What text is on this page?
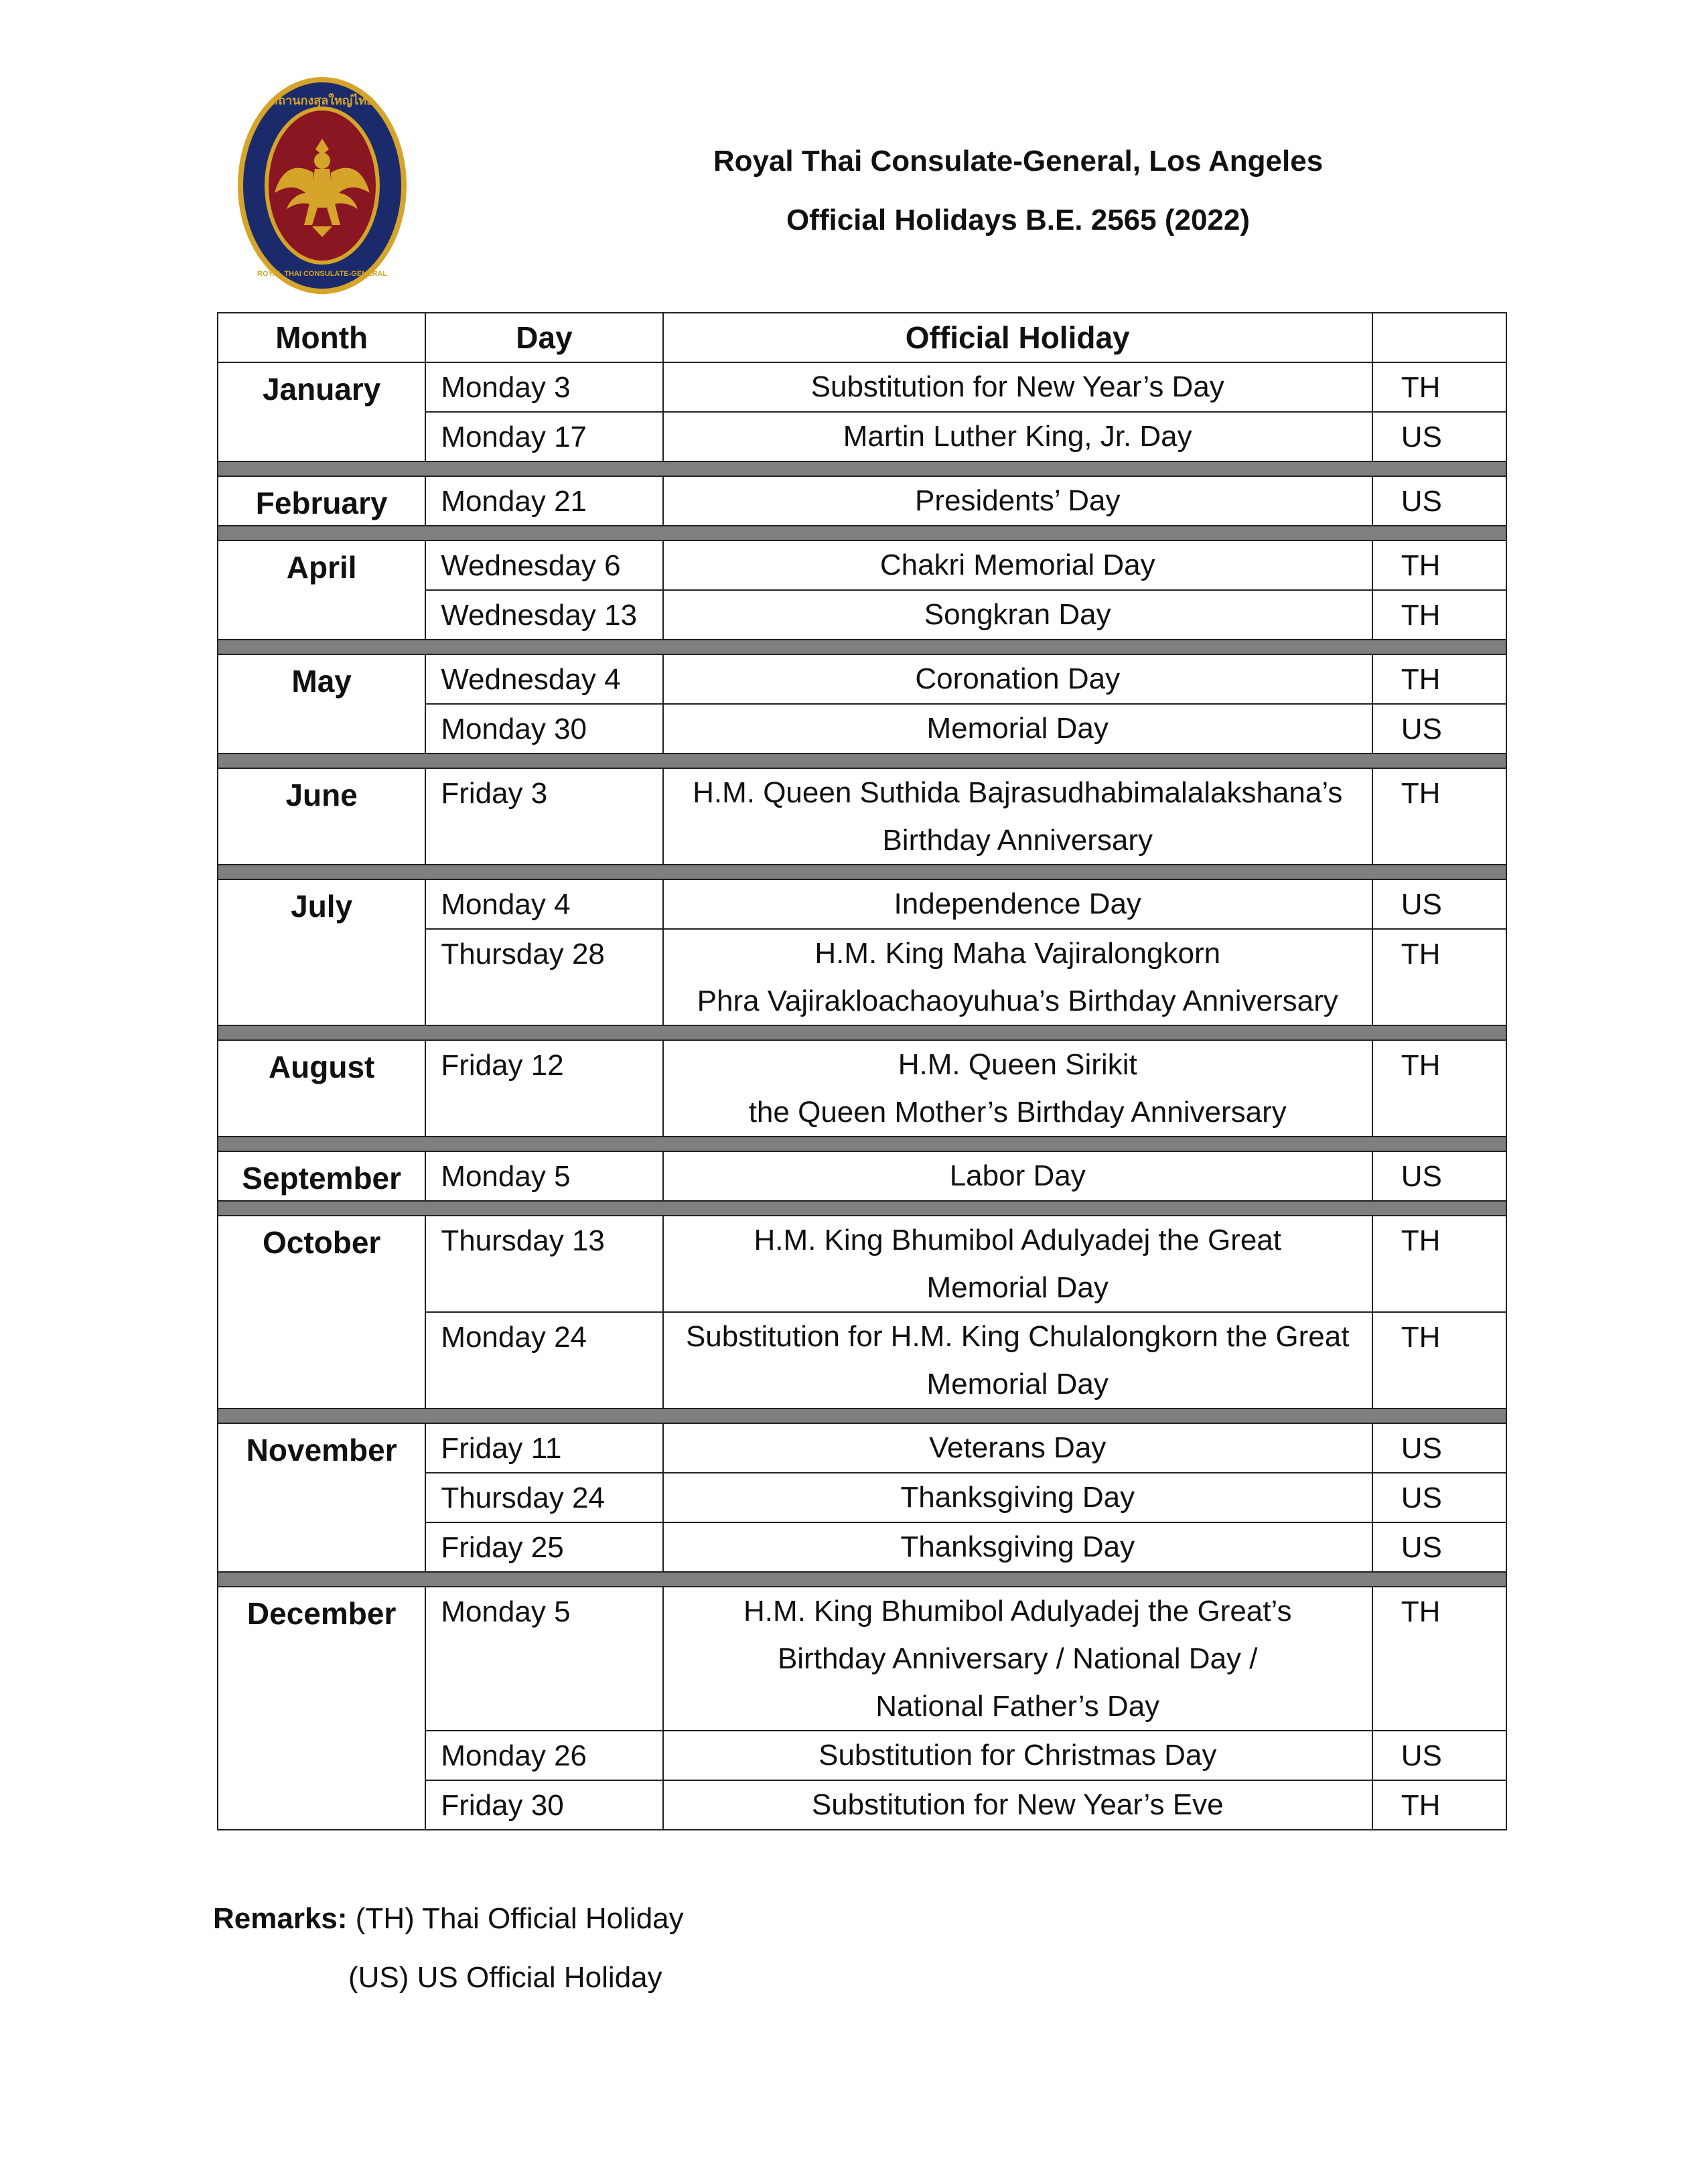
สถานกงสุลใหญ่ไทย
ROYAL THAI CONSULATE-GENERAL
Royal Thai Consulate-General, Los Angeles
Official Holidays B.E. 2565 (2022)
Month	Day	Official Holiday	
January	Monday 3	Substitution for New Year’s Day	TH
	Monday 17	Martin Luther King, Jr. Day	US

February	Monday 21	Presidents’ Day	US

April	Wednesday 6	Chakri Memorial Day	TH
	Wednesday 13	Songkran Day	TH

May	Wednesday 4	Coronation Day	TH
	Monday 30	Memorial Day	US

June	Friday 3	H.M. Queen Suthida Bajrasudhabimalalakshana’s
Birthday Anniversary	TH

July	Monday 4	Independence Day	US
	Thursday 28	H.M. King Maha Vajiralongkorn
Phra Vajirakloachaoyuhua’s Birthday Anniversary	TH

August	Friday 12	H.M. Queen Sirikit
the Queen Mother’s Birthday Anniversary	TH

September	Monday 5	Labor Day	US

October	Thursday 13	H.M. King Bhumibol Adulyadej the Great
Memorial Day	TH
	Monday 24	Substitution for H.M. King Chulalongkorn the Great
Memorial Day	TH

November	Friday 11	Veterans Day	US
	Thursday 24	Thanksgiving Day	US
	Friday 25	Thanksgiving Day	US

December	Monday 5	H.M. King Bhumibol Adulyadej the Great’s
Birthday Anniversary / National Day /
National Father’s Day	TH
	Monday 26	Substitution for Christmas Day	US
	Friday 30	Substitution for New Year’s Eve	TH
Remarks: (TH) Thai Official Holiday
(US) US Official Holiday
